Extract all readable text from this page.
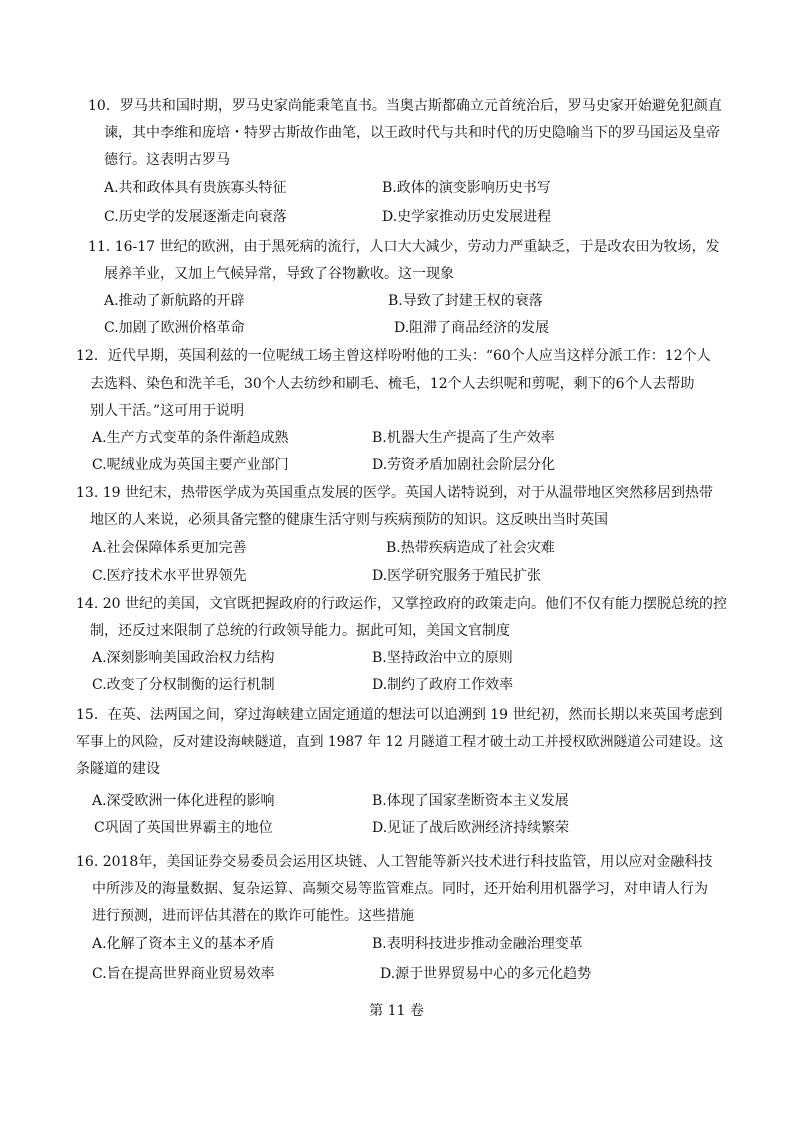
10．罗马共和国时期，罗马史家尚能秉笔直书。当奥古斯都确立元首统治后，罗马史家开始避免犯颜直
谏，其中李维和庞培・特罗古斯故作曲笔，以王政时代与共和时代的历史隐喻当下的罗马国运及皇帝
德行。这表明古罗马
A.共和政体具有贵族寡头特征	B.政体的演变影响历史书写
C.历史学的发展逐渐走向衰落	D.史学家推动历史发展进程
11. 16-17 世纪的欧洲，由于黑死病的流行，人口大大减少，劳动力严重缺乏，于是改农田为牧场，发
展养羊业，又加上气候异常，导致了谷物歉收。这一现象
A.推动了新航路的开辟	B.导致了封建王权的衰落
C.加剧了欧洲价格革命	D.阻滞了商品经济的发展
12．近代早期，英国利兹的一位呢绒工场主曾这样吩咐他的工头：“60个人应当这样分派工作：12个人
去选料、染色和洗羊毛，30个人去纺纱和刷毛、梳毛，12个人去织呢和剪呢，剩下的6个人去帮助
别人干活。”这可用于说明
A.生产方式变革的条件渐趋成熟	B.机器大生产提高了生产效率
C.呢绒业成为英国主要产业部门	D.劳资矛盾加剧社会阶层分化
13. 19 世纪末，热带医学成为英国重点发展的医学。英国人诺特说到，对于从温带地区突然移居到热带
地区的人来说，必须具备完整的健康生活守则与疾病预防的知识。这反映出当时英国
A.社会保障体系更加完善	B.热带疾病造成了社会灾难
C.医疗技术水平世界领先	D.医学研究服务于殖民扩张
14. 20 世纪的美国，文官既把握政府的行政运作，又掌控政府的政策走向。他们不仅有能力摆脱总统的控
制，还反过来限制了总统的行政领导能力。据此可知，美国文官制度
A.深刻影响美国政治权力结构	B.坚持政治中立的原则
C.改变了分权制衡的运行机制	D.制约了政府工作效率
15．在英、法两国之间，穿过海峡建立固定通道的想法可以追溯到 19 世纪初，然而长期以来英国考虑到
军事上的风险，反对建设海峡隧道，直到 1987 年 12 月隧道工程才破土动工并授权欧洲隧道公司建设。这
条隧道的建设
A.深受欧洲一体化进程的影响	B.体现了国家垄断资本主义发展
C巩固了英国世界霸主的地位	D.见证了战后欧洲经济持续繁荣
16. 2018年，美国证券交易委员会运用区块链、人工智能等新兴技术进行科技监管，用以应对金融科技
中所涉及的海量数据、复杂运算、高频交易等监管难点。同时，还开始利用机器学习，对申请人行为
进行预测，进而评估其潜在的欺诈可能性。这些措施
A.化解了资本主义的基本矛盾	B.表明科技进步推动金融治理变革
C.旨在提高世界商业贸易效率	D.源于世界贸易中心的多元化趋势
第 11 卷
